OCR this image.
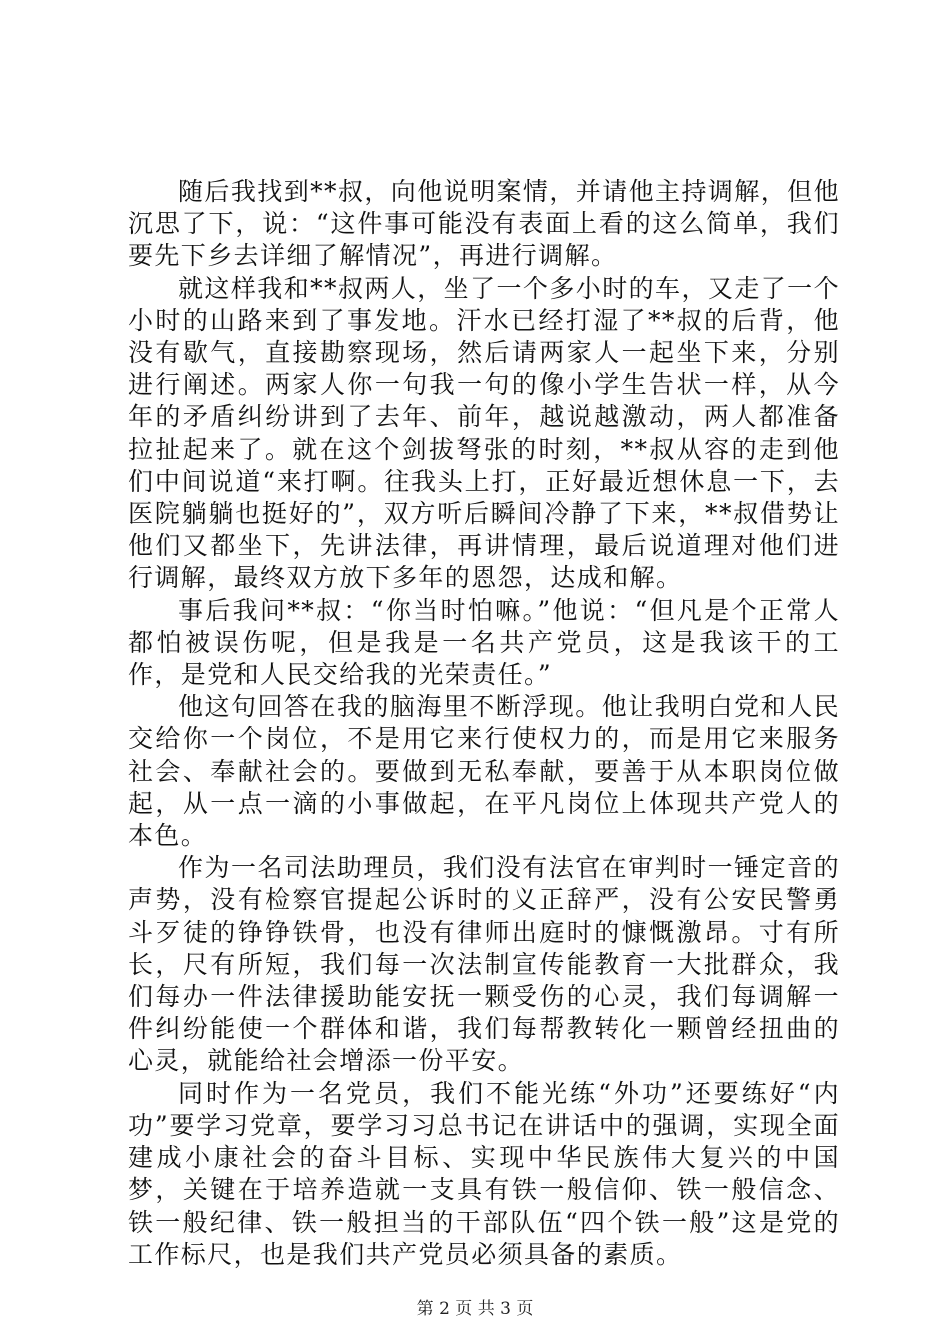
随后我找到**叔，向他说明案情，并请他主持调解，但他沉思了下，说：“这件事可能没有表面上看的这么简单，我们要先下乡去详细了解情况”，再进行调解。

就这样我和**叔两人，坐了一个多小时的车，又走了一个小时的山路来到了事发地。汗水已经打湿了**叔的后背，他没有歇气，直接勘察现场，然后请两家人一起坐下来，分别进行阐述。两家人你一句我一句的像小学生告状一样，从今年的矛盾纠纷讲到了去年、前年，越说越激动，两人都准备拉扯起来了。就在这个剑拔弩张的时刻，**叔从容的走到他们中间说道“来打啊。往我头上打，正好最近想休息一下，去医院躺躺也挺好的”，双方听后瞬间冷静了下来，**叔借势让他们又都坐下，先讲法律，再讲情理，最后说道理对他们进行调解，最终双方放下多年的恩怨，达成和解。

事后我问**叔：“你当时怕嘛。”他说：“但凡是个正常人都怕被误伤呢，但是我是一名共产党员，这是我该干的工作，是党和人民交给我的光荣责任。”

他这句回答在我的脑海里不断浮现。他让我明白党和人民交给你一个岗位，不是用它来行使权力的，而是用它来服务社会、奉献社会的。要做到无私奉献，要善于从本职岗位做起，从一点一滴的小事做起，在平凡岗位上体现共产党人的本色。

作为一名司法助理员，我们没有法官在审判时一锤定音的声势，没有检察官提起公诉时的义正辞严，没有公安民警勇斗歹徒的铮铮铁骨，也没有律师出庭时的慷慨激昂。寸有所长，尺有所短，我们每一次法制宣传能教育一大批群众，我们每办一件法律援助能安抚一颗受伤的心灵，我们每调解一件纠纷能使一个群体和谐，我们每帮教转化一颗曾经扭曲的心灵，就能给社会增添一份平安。

同时作为一名党员，我们不能光练“外功”还要练好“内功”要学习党章，要学习习总书记在讲话中的强调，实现全面建成小康社会的奋斗目标、实现中华民族伟大复兴的中国梦，关键在于培养造就一支具有铁一般信仰、铁一般信念、铁一般纪律、铁一般担当的干部队伍“四个铁一般”这是党的工作标尺，也是我们共产党员必须具备的素质。

第 2 页 共 3 页
